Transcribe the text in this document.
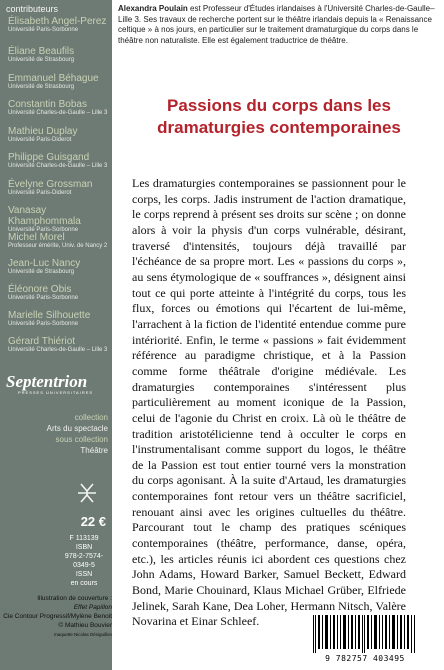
contributeurs
Élisabeth Angel-Perez
Université Paris-Sorbonne
Éliane Beaufils
Université de Strasbourg
Emmanuel Béhague
Université de Strasbourg
Constantin Bobas
Université Charles-de-Gaulle – Lille 3
Mathieu Duplay
Université Paris-Diderot
Philippe Guisgand
Université Charles-de-Gaulle – Lille 3
Évelyne Grossman
Université Paris-Diderot
Vanasay Khamphommala
Université Paris-Sorbonne
Michel Morel
Professeur émérite, Univ. de Nancy 2
Jean-Luc Nancy
Université de Strasbourg
Éléonore Obis
Université Paris-Sorbonne
Marielle Silhouette
Université Paris-Sorbonne
Gérard Thiériot
Université Charles-de-Gaulle – Lille 3
Septentrion
PRESSES UNIVERSITAIRES
collection
Arts du spectacle
sous collection
Théâtre
22 €
F 113139
ISBN
978-2-7574-0349-5
ISSN
en cours
Alexandra Poulain est Professeur d'Études irlandaises à l'Université Charles-de-Gaulle–Lille 3. Ses travaux de recherche portent sur le théâtre irlandais depuis la « Renaissance celtique » à nos jours, en particulier sur le traitement dramaturgique du corps dans le théâtre non naturaliste. Elle est également traductrice de théâtre.
Passions du corps dans les
dramaturgies contemporaines
Les dramaturgies contemporaines se passionnent pour le corps, les corps. Jadis instrument de l'action dramatique, le corps reprend à présent ses droits sur scène ; on donne alors à voir la physis d'un corps vulnérable, désirant, traversé d'intensités, toujours déjà travaillé par l'échéance de sa propre mort. Les « passions du corps », au sens étymologique de « souffrances », désignent ainsi tout ce qui porte atteinte à l'intégrité du corps, tous les flux, forces ou émotions qui l'écartent de lui-même, l'arrachent à la fiction de l'identité entendue comme pure intériorité. Enfin, le terme « passions » fait évidemment référence au paradigme christique, et à la Passion comme forme théâtrale d'origine médiévale. Les dramaturgies contemporaines s'intéressent plus particulièrement au moment iconique de la Passion, celui de l'agonie du Christ en croix. Là où le théâtre de tradition aristotélicienne tend à occulter le corps en l'instrumentalisant comme support du logos, le théâtre de la Passion est tout entier tourné vers la monstration du corps agonisant. À la suite d'Artaud, les dramaturgies contemporaines font retour vers un théâtre sacrificiel, renouant ainsi avec les origines cultuelles du théâtre. Parcourant tout le champ des pratiques scéniques contemporaines (théâtre, performance, danse, opéra, etc.), les articles réunis ici abordent ces questions chez John Adams, Howard Barker, Samuel Beckett, Edward Bond, Marie Chouinard, Klaus Michael Grüber, Elfriede Jelinek, Sarah Kane, Dea Loher, Hermann Nitsch, Valère Novarina et Einar Schleef.
Illustration de couverture :
Effet Papillon
Cie Contour Progressif/Mylène Benoit
© Mathieu Bouvier
maquette Nicolas Désiguillon
9 782757 403495
